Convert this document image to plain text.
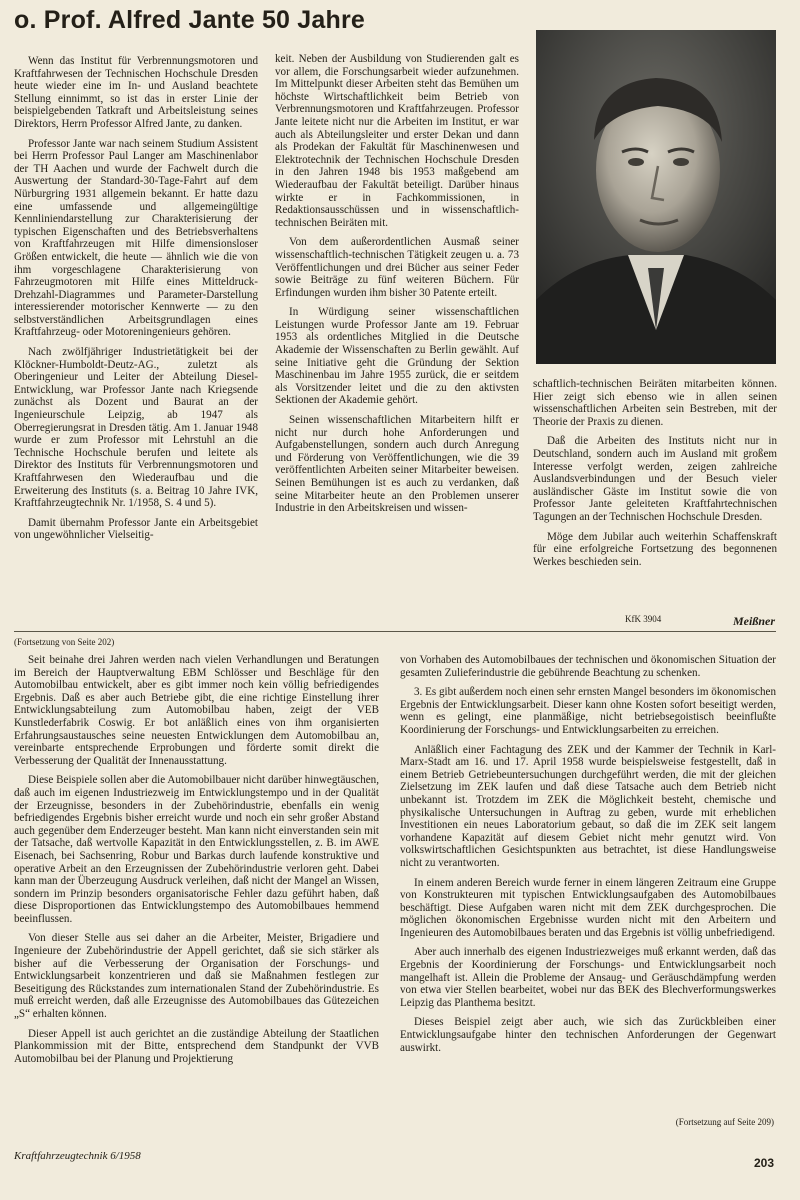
o. Prof. Alfred Jante 50 Jahre

Wenn das Institut für Verbrennungsmotoren und Kraftfahrwesen der Technischen Hochschule Dresden heute wieder eine im In- und Ausland beachtete Stellung einnimmt, so ist das in erster Linie der beispielgebenden Tatkraft und Arbeitsleistung seines Direktors, Herrn Professor Alfred Jante, zu danken.

Professor Jante war nach seinem Studium Assistent bei Herrn Professor Paul Langer am Maschinenlabor der TH Aachen und wurde der Fachwelt durch die Auswertung der Standard-30-Tage-Fahrt auf dem Nürburgring 1931 allgemein bekannt. Er hatte dazu eine umfassende und allgemeingültige Kennliniendarstellung zur Charakterisierung der typischen Eigenschaften und des Betriebsverhaltens von Kraftfahrzeugen mit Hilfe dimensionsloser Größen entwickelt, die heute — ähnlich wie die von ihm vorgeschlagene Charakterisierung von Fahrzeugmotoren mit Hilfe eines Mitteldruck-Drehzahl-Diagrammes und Parameter-Darstellung interessierender motorischer Kennwerte — zu den selbstverständlichen Arbeitsgrundlagen eines Kraftfahrzeug- oder Motoreningenieurs gehören.

Nach zwölfjähriger Industrietätigkeit bei der Klöckner-Humboldt-Deutz-AG., zuletzt als Oberingenieur und Leiter der Abteilung Diesel-Entwicklung, war Professor Jante nach Kriegsende zunächst als Dozent und Baurat an der Ingenieurschule Leipzig, ab 1947 als Oberregierungsrat in Dresden tätig. Am 1. Januar 1948 wurde er zum Professor mit Lehrstuhl an die Technische Hochschule berufen und leitete als Direktor des Instituts für Verbrennungsmotoren und Kraftfahrwesen den Wiederaufbau und die Erweiterung des Instituts (s. a. Beitrag 10 Jahre IVK, Kraftfahrzeugtechnik Nr. 1/1958, S. 4 und 5).

Damit übernahm Professor Jante ein Arbeitsgebiet von ungewöhnlicher Vielseitig-

keit. Neben der Ausbildung von Studierenden galt es vor allem, die Forschungsarbeit wieder aufzunehmen. Im Mittelpunkt dieser Arbeiten steht das Bemühen um höchste Wirtschaftlichkeit beim Betrieb von Verbrennungsmotoren und Kraftfahrzeugen. Professor Jante leitete nicht nur die Arbeiten im Institut, er war auch als Abteilungsleiter und erster Dekan und dann als Prodekan der Fakultät für Maschinenwesen und Elektrotechnik der Technischen Hochschule Dresden in den Jahren 1948 bis 1953 maßgebend am Wiederaufbau der Fakultät beteiligt. Darüber hinaus wirkte er in Fachkommissionen, in Redaktionsausschüssen und in wissenschaftlich-technischen Beiräten mit.

Von dem außerordentlichen Ausmaß seiner wissenschaftlich-technischen Tätigkeit zeugen u. a. 73 Veröffentlichungen und drei Bücher aus seiner Feder sowie Beiträge zu fünf weiteren Büchern. Für Erfindungen wurden ihm bisher 30 Patente erteilt.

In Würdigung seiner wissenschaftlichen Leistungen wurde Professor Jante am 19. Februar 1953 als ordentliches Mitglied in die Deutsche Akademie der Wissenschaften zu Berlin gewählt. Auf seine Initiative geht die Gründung der Sektion Maschinenbau im Jahre 1955 zurück, die er seitdem als Vorsitzender leitet und die zu den aktivsten Sektionen der Akademie gehört.

Seinen wissenschaftlichen Mitarbeitern hilft er nicht nur durch hohe Anforderungen und Aufgabenstellungen, sondern auch durch Anregung und Förderung von Veröffentlichungen, wie die 39 veröffentlichten Arbeiten seiner Mitarbeiter beweisen. Seinen Bemühungen ist es auch zu verdanken, daß seine Mitarbeiter heute an den Problemen unserer Industrie in den Arbeitskreisen und wissen-

schaftlich-technischen Beiräten mitarbeiten können. Hier zeigt sich ebenso wie in allen seinen wissenschaftlichen Arbeiten sein Bestreben, mit der Theorie der Praxis zu dienen.

Daß die Arbeiten des Instituts nicht nur in Deutschland, sondern auch im Ausland mit großem Interesse verfolgt werden, zeigen zahlreiche Auslandsverbindungen und der Besuch vieler ausländischer Gäste im Institut sowie die von Professor Jante geleiteten Kraftfahrtechnischen Tagungen an der Technischen Hochschule Dresden.

Möge dem Jubilar auch weiterhin Schaffenskraft für eine erfolgreiche Fortsetzung des begonnenen Werkes beschieden sein.

KfK 3904	Meißner
(Fortsetzung von Seite 202)

Seit beinahe drei Jahren werden nach vielen Verhandlungen und Beratungen im Bereich der Hauptverwaltung EBM Schlösser und Beschläge für den Automobilbau entwickelt, aber es gibt immer noch kein völlig befriedigendes Ergebnis. Daß es aber auch Betriebe gibt, die eine richtige Einstellung ihrer Entwicklungsabteilung zum Automobilbau haben, zeigt der VEB Kunstlederfabrik Coswig. Er bot anläßlich eines von ihm organisierten Erfahrungsaustausches seine neuesten Entwicklungen dem Automobilbau an, vereinbarte entsprechende Erprobungen und förderte somit direkt die Verbesserung der Qualität der Innenausstattung.

Diese Beispiele sollen aber die Automobilbauer nicht darüber hinwegtäuschen, daß auch im eigenen Industriezweig im Entwicklungstempo und in der Qualität der Erzeugnisse, besonders in der Zubehörindustrie, ebenfalls ein wenig befriedigendes Ergebnis bisher erreicht wurde und noch ein sehr großer Abstand auch gegenüber dem Enderzeuger besteht. Man kann nicht einverstanden sein mit der Tatsache, daß wertvolle Kapazität in den Entwicklungsstellen, z. B. im AWE Eisenach, bei Sachsenring, Robur und Barkas durch laufende konstruktive und operative Arbeit an den Erzeugnissen der Zubehörindustrie verloren geht. Dabei kann man der Überzeugung Ausdruck verleihen, daß nicht der Mangel an Wissen, sondern im Prinzip besonders organisatorische Fehler dazu geführt haben, daß diese Disproportionen das Entwicklungstempo des Automobilbaues hemmend beeinflussen.

Von dieser Stelle aus sei daher an die Arbeiter, Meister, Brigadiere und Ingenieure der Zubehörindustrie der Appell gerichtet, daß sie sich stärker als bisher auf die Verbesserung der Organisation der Forschungs- und Entwicklungsarbeit konzentrieren und daß sie Maßnahmen festlegen zur Beseitigung des Rückstandes zum internationalen Stand der Zubehörindustrie. Es muß erreicht werden, daß alle Erzeugnisse des Automobilbaues das Gütezeichen „S“ erhalten können.

Dieser Appell ist auch gerichtet an die zuständige Abteilung der Staatlichen Plankommission mit der Bitte, entsprechend dem Standpunkt der VVB Automobilbau bei der Planung und Projektierung

von Vorhaben des Automobilbaues der technischen und ökonomischen Situation der gesamten Zulieferindustrie die gebührende Beachtung zu schenken.

3. Es gibt außerdem noch einen sehr ernsten Mangel besonders im ökonomischen Ergebnis der Entwicklungsarbeit. Dieser kann ohne Kosten sofort beseitigt werden, wenn es gelingt, eine planmäßige, nicht betriebsegoistisch beeinflußte Koordinierung der Forschungs- und Entwicklungsarbeiten zu erreichen.

Anläßlich einer Fachtagung des ZEK und der Kammer der Technik in Karl-Marx-Stadt am 16. und 17. April 1958 wurde beispielsweise festgestellt, daß in einem Betrieb Getriebeuntersuchungen durchgeführt werden, die mit der gleichen Zielsetzung im ZEK laufen und daß diese Tatsache auch dem Betrieb nicht unbekannt ist. Trotzdem im ZEK die Möglichkeit besteht, chemische und physikalische Untersuchungen in Auftrag zu geben, wurde mit erheblichen Investitionen ein neues Laboratorium gebaut, so daß die im ZEK seit langem vorhandene Kapazität auf diesem Gebiet nicht mehr genutzt wird. Von volkswirtschaftlichen Gesichtspunkten aus betrachtet, ist diese Handlungsweise nicht zu verantworten.

In einem anderen Bereich wurde ferner in einem längeren Zeitraum eine Gruppe von Konstrukteuren mit typischen Entwicklungsaufgaben des Automobilbaues beschäftigt. Diese Aufgaben waren nicht mit dem ZEK durchgesprochen. Die möglichen ökonomischen Ergebnisse wurden nicht mit den Arbeitern und Ingenieuren des Automobilbaues beraten und das Ergebnis ist völlig unbefriedigend.

Aber auch innerhalb des eigenen Industriezweiges muß erkannt werden, daß das Ergebnis der Koordinierung der Forschungs- und Entwicklungsarbeit noch mangelhaft ist. Allein die Probleme der Ansaug- und Geräuschdämpfung werden von etwa vier Stellen bearbeitet, wobei nur das BEK des Blechverformungswerkes Leipzig das Planthema besitzt.

Dieses Beispiel zeigt aber auch, wie sich das Zurückbleiben einer Entwicklungsaufgabe hinter den technischen Anforderungen der Gegenwart auswirkt.

(Fortsetzung auf Seite 209)
Kraftfahrzeugtechnik 6/1958	203
